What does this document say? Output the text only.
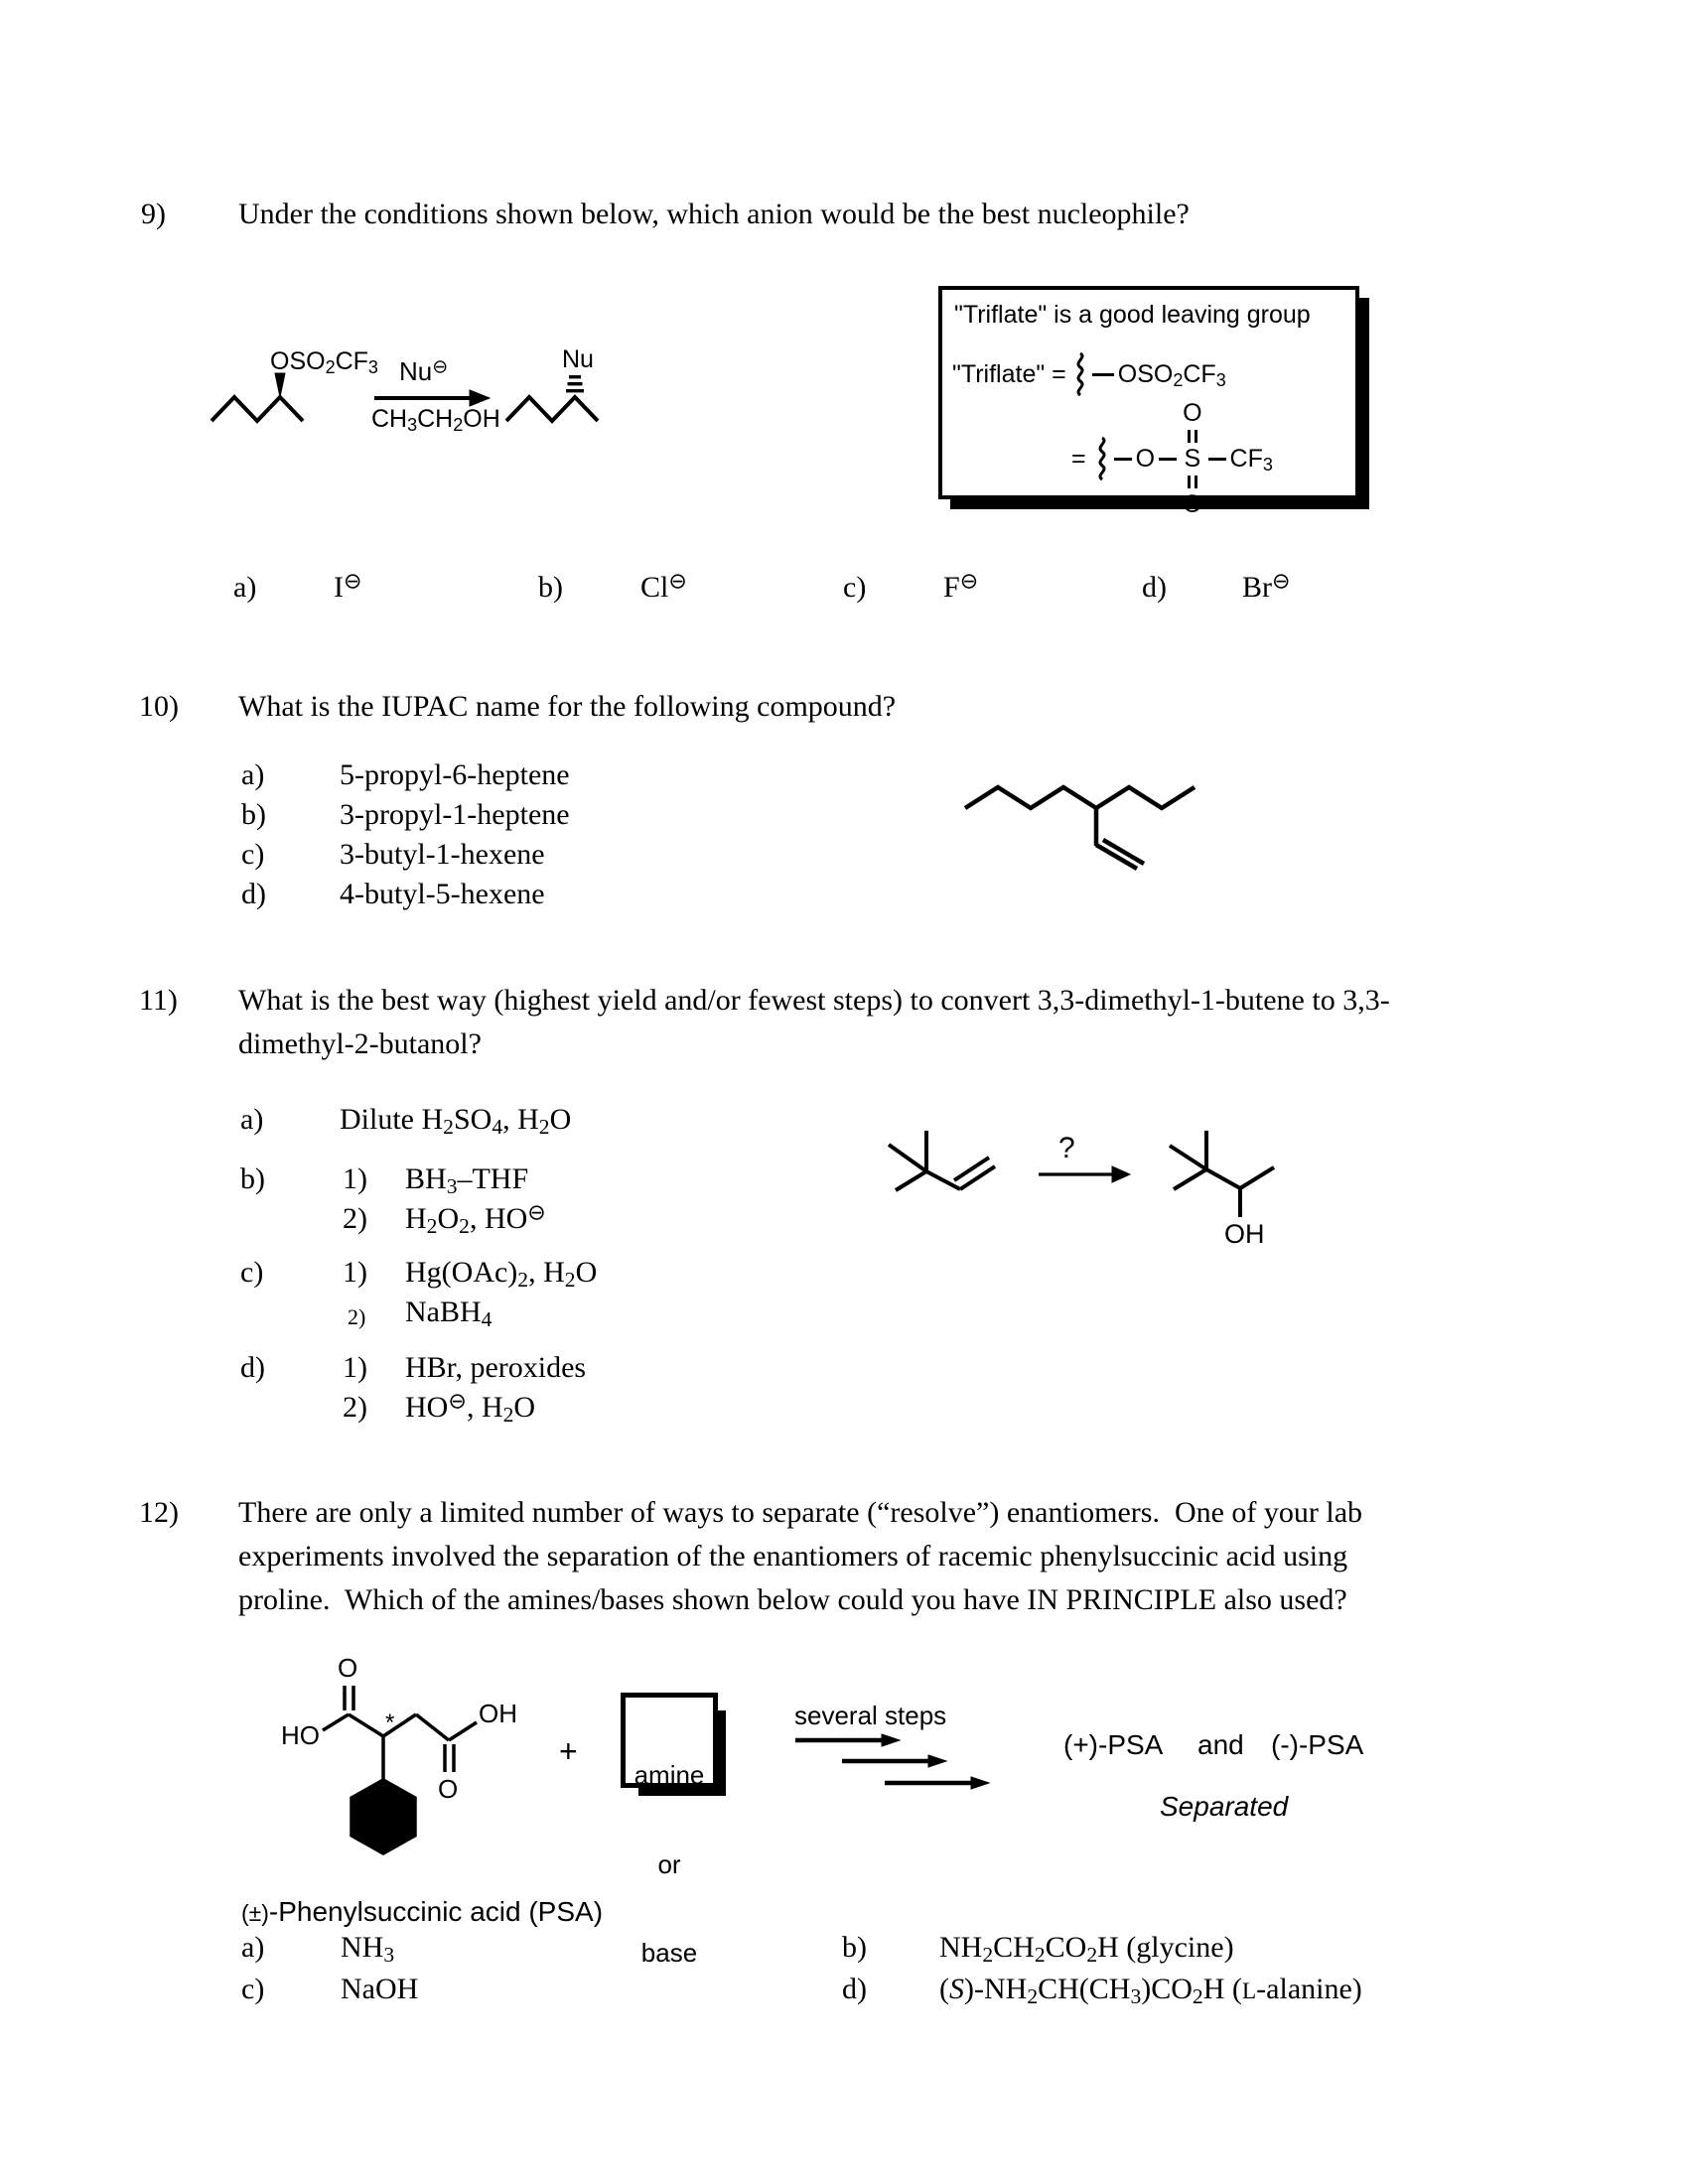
9) Under the conditions shown below, which anion would be the best nucleophile?
$OSO_2CF_3$ Nu⊖
$CH_3CH_2OH$
Nu
"Triflate" is a good leaving group
"Triflate" = $OSO_2CF_3$
= O
O
S
O
$CF_3$
a)	I⊖	b)	Cl⊖	c)	F⊖	d)	Br⊖
10) What is the IUPAC name for the following compound?
a)	5-propyl-6-heptene
b) 3-propyl-1-heptene
c)	3-butyl-1-hexene
d) 4-butyl-5-hexene
11) What is the best way (highest yield and/or fewest steps) to convert 3,3-dimethyl-1-butene to 3,3-
dimethyl-2-butanol?
a)	Dilute $H_2SO_4$, $H_2O$
b)	1) $BH_3$–THF
2) $H_2O_2$, HO⊖
c)	1) $Hg(OAc)_2$, $H_2O$
2) NaBH$_4$
d)	1) HBr, peroxides
2) HO⊖, $H_2O$
?
OH
12) There are only a limited number of ways to separate (“resolve”) enantiomers.  One of your lab
experiments involved the separation of the enantiomers of racemic phenylsuccinic acid using
proline.  Which of the amines/bases shown below could you have IN PRINCIPLE also used?
O
HO	*
O
OH
+

amine

or

base

several steps
(+)-PSA and (-)-PSA
Separated
(±)-Phenylsuccinic acid (PSA)
a)	$NH_3$	b) $NH_2CH_2CO_2H$ (glycine)
c)	NaOH	d) $(S)-NH_2CH(CH_3)CO_2H$ (L-alanine)
